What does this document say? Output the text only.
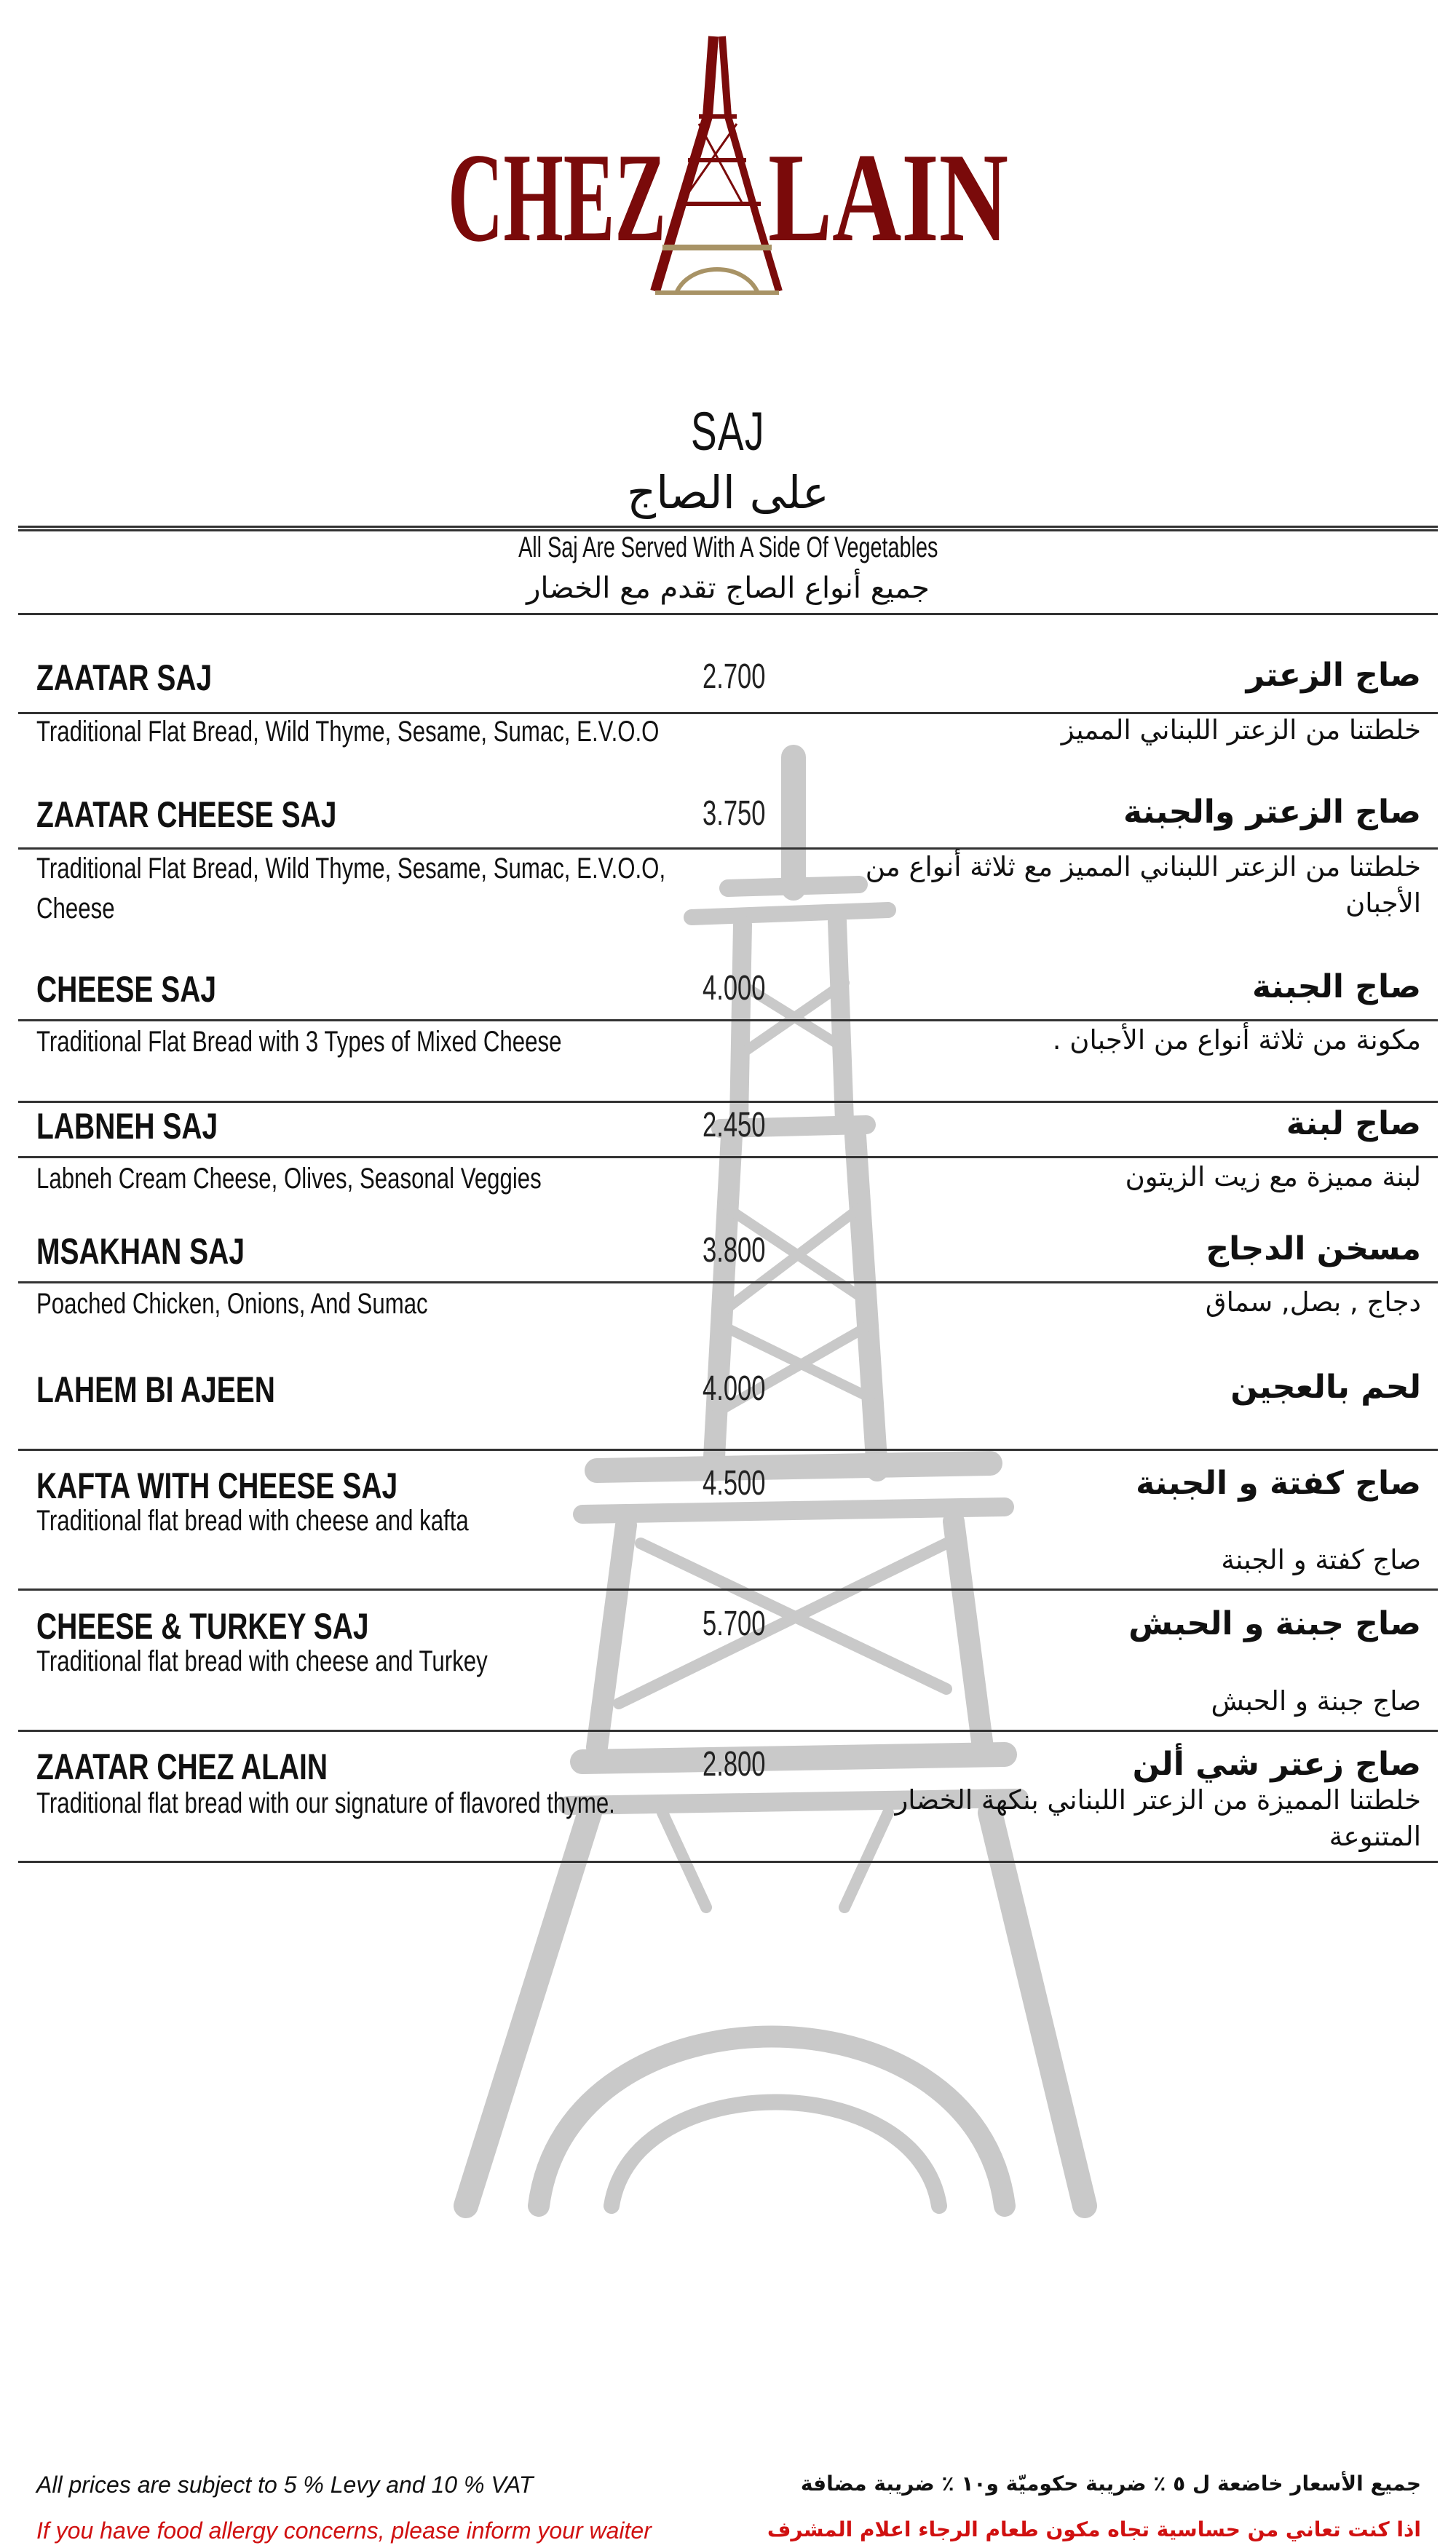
CHEZ LAIN
SAJ
على الصاج
All Saj Are Served With A Side Of Vegetables
جميع أنواع الصاج تقدم مع الخضار
ZAATAR SAJ	2.700	صاج الزعتر
Traditional Flat Bread, Wild Thyme, Sesame, Sumac, E.V.O.O	خلطتنا من الزعتر اللبناني المميز
ZAATAR CHEESE SAJ	3.750	صاج الزعتر والجبنة
Traditional Flat Bread, Wild Thyme, Sesame, Sumac, E.V.O.O, Cheese
خلطتنا من الزعتر اللبناني المميز مع ثلاثة أنواع من الأجبان
CHEESE SAJ	4.000	صاج الجبنة
Traditional Flat Bread with 3 Types of Mixed Cheese	مكونة من ثلاثة أنواع من الأجبان .
LABNEH SAJ	2.450	صاج لبنة
Labneh Cream Cheese, Olives, Seasonal Veggies	لبنة مميزة مع زيت الزيتون
MSAKHAN SAJ	3.800	مسخن الدجاج
Poached Chicken, Onions, And Sumac	دجاج , بصل, سماق
LAHEM BI AJEEN	4.000	لحم بالعجين
KAFTA WITH CHEESE SAJ	4.500	صاج كفتة و الجبنة
Traditional flat bread with cheese and kafta
صاج كفتة و الجبنة
CHEESE & TURKEY SAJ	5.700	صاج جبنة و الحبش
Traditional flat bread with cheese and Turkey
صاج جبنة و الحبش
ZAATAR CHEZ ALAIN	2.800	صاج زعتر شي ألن
Traditional flat bread with our signature of flavored thyme.	خلطتنا المميزة من الزعتر اللبناني بنكهة الخضار المتنوعة
All prices are subject to 5 % Levy and 10 % VAT	جميع الأسعار خاضعة ل ٥ ٪ ضريبة حكوميّة و١٠ ٪ ضريبة مضافة
If you have food allergy concerns, please inform your waiter	اذا كنت تعاني من حساسية تجاه مكون طعام الرجاء اعلام المشرف
